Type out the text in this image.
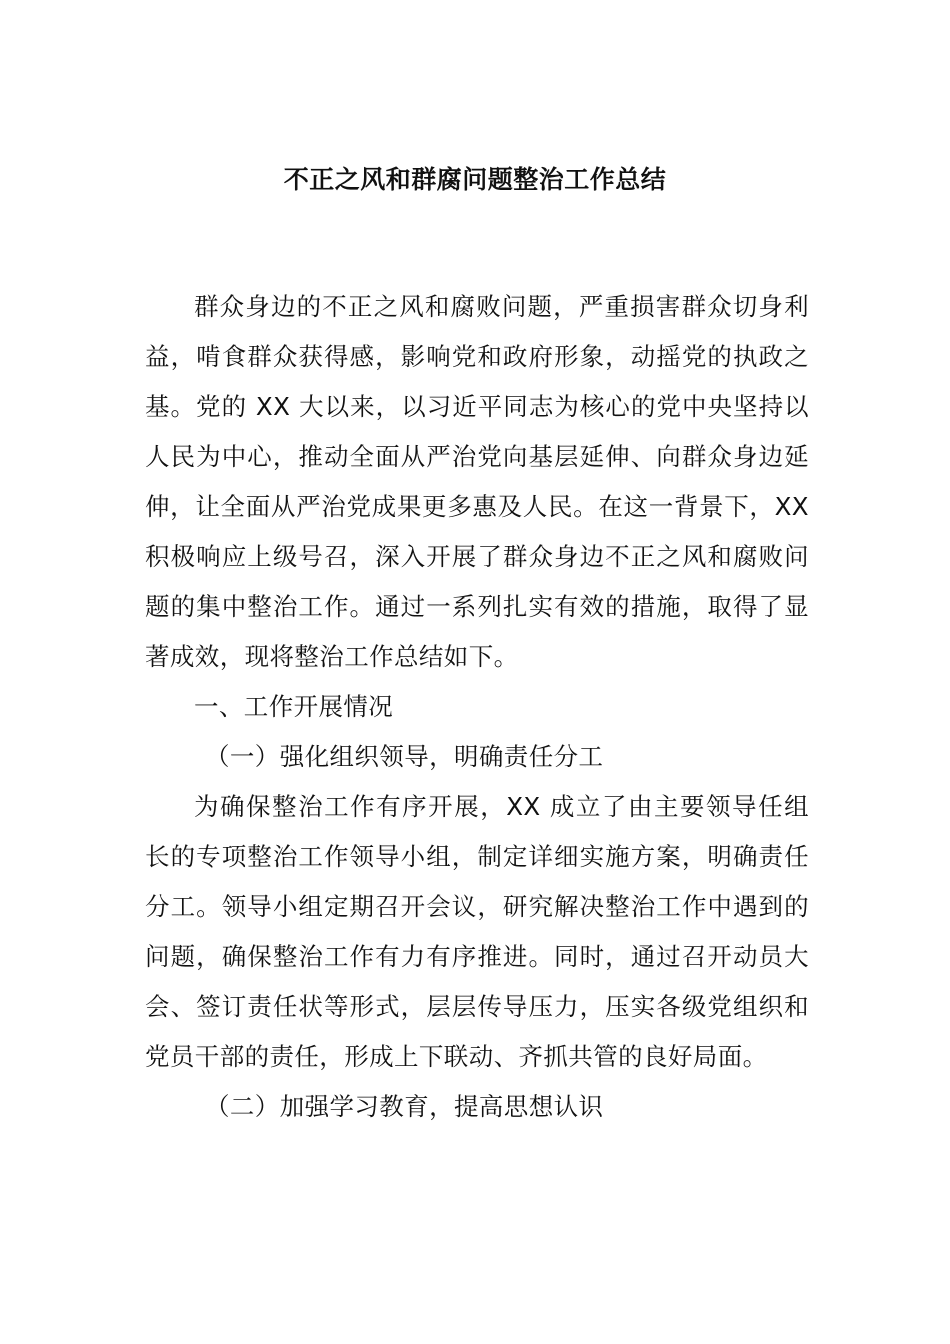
不正之风和群腐问题整治工作总结

群众身边的不正之风和腐败问题，严重损害群众切身利益，啃食群众获得感，影响党和政府形象，动摇党的执政之基。党的 XX 大以来，以习近平同志为核心的党中央坚持以人民为中心，推动全面从严治党向基层延伸、向群众身边延伸，让全面从严治党成果更多惠及人民。在这一背景下，XX 积极响应上级号召，深入开展了群众身边不正之风和腐败问题的集中整治工作。通过一系列扎实有效的措施，取得了显著成效，现将整治工作总结如下。

一、工作开展情况

（一）强化组织领导，明确责任分工

为确保整治工作有序开展，XX 成立了由主要领导任组长的专项整治工作领导小组，制定详细实施方案，明确责任分工。领导小组定期召开会议，研究解决整治工作中遇到的问题，确保整治工作有力有序推进。同时，通过召开动员大会、签订责任状等形式，层层传导压力，压实各级党组织和党员干部的责任，形成上下联动、齐抓共管的良好局面。

（二）加强学习教育，提高思想认识
